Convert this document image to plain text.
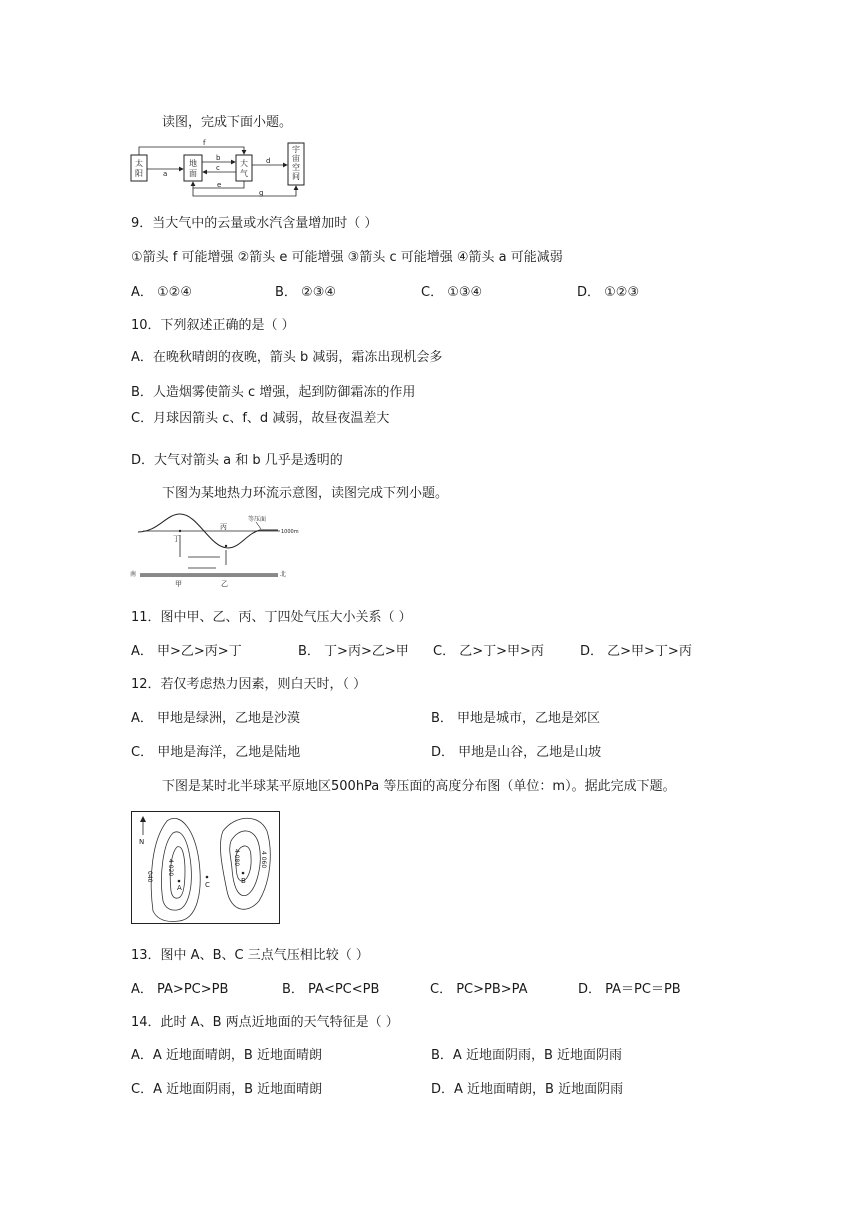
读图，完成下面小题。
太
阳
地
面
大
气
宇
宙
空
间
a
f
b
c
d
e
g
9．当大气中的云量或水汽含量增加时（ ）
①箭头 f 可能增强 ②箭头 e 可能增强 ③箭头 c 可能增强 ④箭头 a 可能减弱
A． ①②④	B． ②③④	C． ①③④	D． ①②③
10．下列叙述正确的是（ ）
A．在晚秋晴朗的夜晚，箭头 b 减弱，霜冻出现机会多
B．人造烟雾使箭头 c 增强，起到防御霜冻的作用
C．月球因箭头 c、f、d 减弱，故昼夜温差大
D．大气对箭头 a 和 b 几乎是透明的
下图为某地热力环流示意图，读图完成下列小题。
等压面
1000m
丁
丙
南	北
甲	乙
11．图中甲、乙、丙、丁四处气压大小关系（ ）
A． 甲>乙>丙>丁	B． 丁>丙>乙>甲 C． 乙>丁>甲>丙	D． 乙>甲>丁>丙
12．若仅考虑热力因素，则白天时，（ ）
A． 甲地是绿洲，乙地是沙漠	B． 甲地是城市，乙地是郊区
C． 甲地是海洋，乙地是陆地	D． 甲地是山谷，乙地是山坡
下图是某时北半球某平原地区500hPa 等压面的高度分布图（单位：m）。据此完成下题。
N
040
4 020
A	C
4 060
4 080
B
13．图中 A、B、C 三点气压相比较（ ）
A． PA>PC>PB	B． PA<PC<PB	C． PC>PB>PA	D． PA＝PC＝PB
14．此时 A、B 两点近地面的天气特征是（ ）
A．A 近地面晴朗，B 近地面晴朗	B．A 近地面阴雨，B 近地面阴雨
C．A 近地面阴雨，B 近地面晴朗	D．A 近地面晴朗，B 近地面阴雨
